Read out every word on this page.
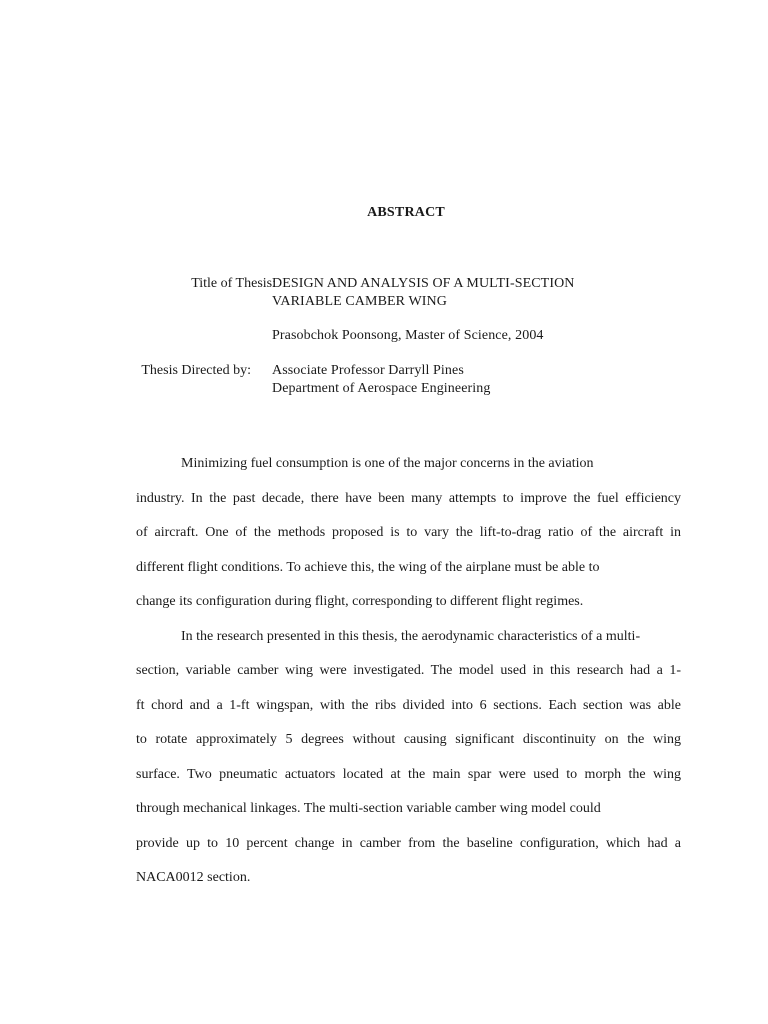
ABSTRACT
Title of Thesis:
DESIGN AND ANALYSIS OF A MULTI-SECTION
VARIABLE CAMBER WING
Prasobchok Poonsong, Master of Science, 2004
Thesis Directed by: Associate Professor Darryll Pines
Department of Aerospace Engineering
Minimizing fuel consumption is one of the major concerns in the aviation
industry. In the past decade, there have been many attempts to improve the fuel efficiency
of aircraft. One of the methods proposed is to vary the lift-to-drag ratio of the aircraft in
different flight conditions. To achieve this, the wing of the airplane must be able to
change its configuration during flight, corresponding to different flight regimes.
In the research presented in this thesis, the aerodynamic characteristics of a multi-
section, variable camber wing were investigated. The model used in this research had a 1-
ft chord and a 1-ft wingspan, with the ribs divided into 6 sections. Each section was able
to rotate approximately 5 degrees without causing significant discontinuity on the wing
surface. Two pneumatic actuators located at the main spar were used to morph the wing
through mechanical linkages. The multi-section variable camber wing model could
provide up to 10 percent change in camber from the baseline configuration, which had a
NACA0012 section.
